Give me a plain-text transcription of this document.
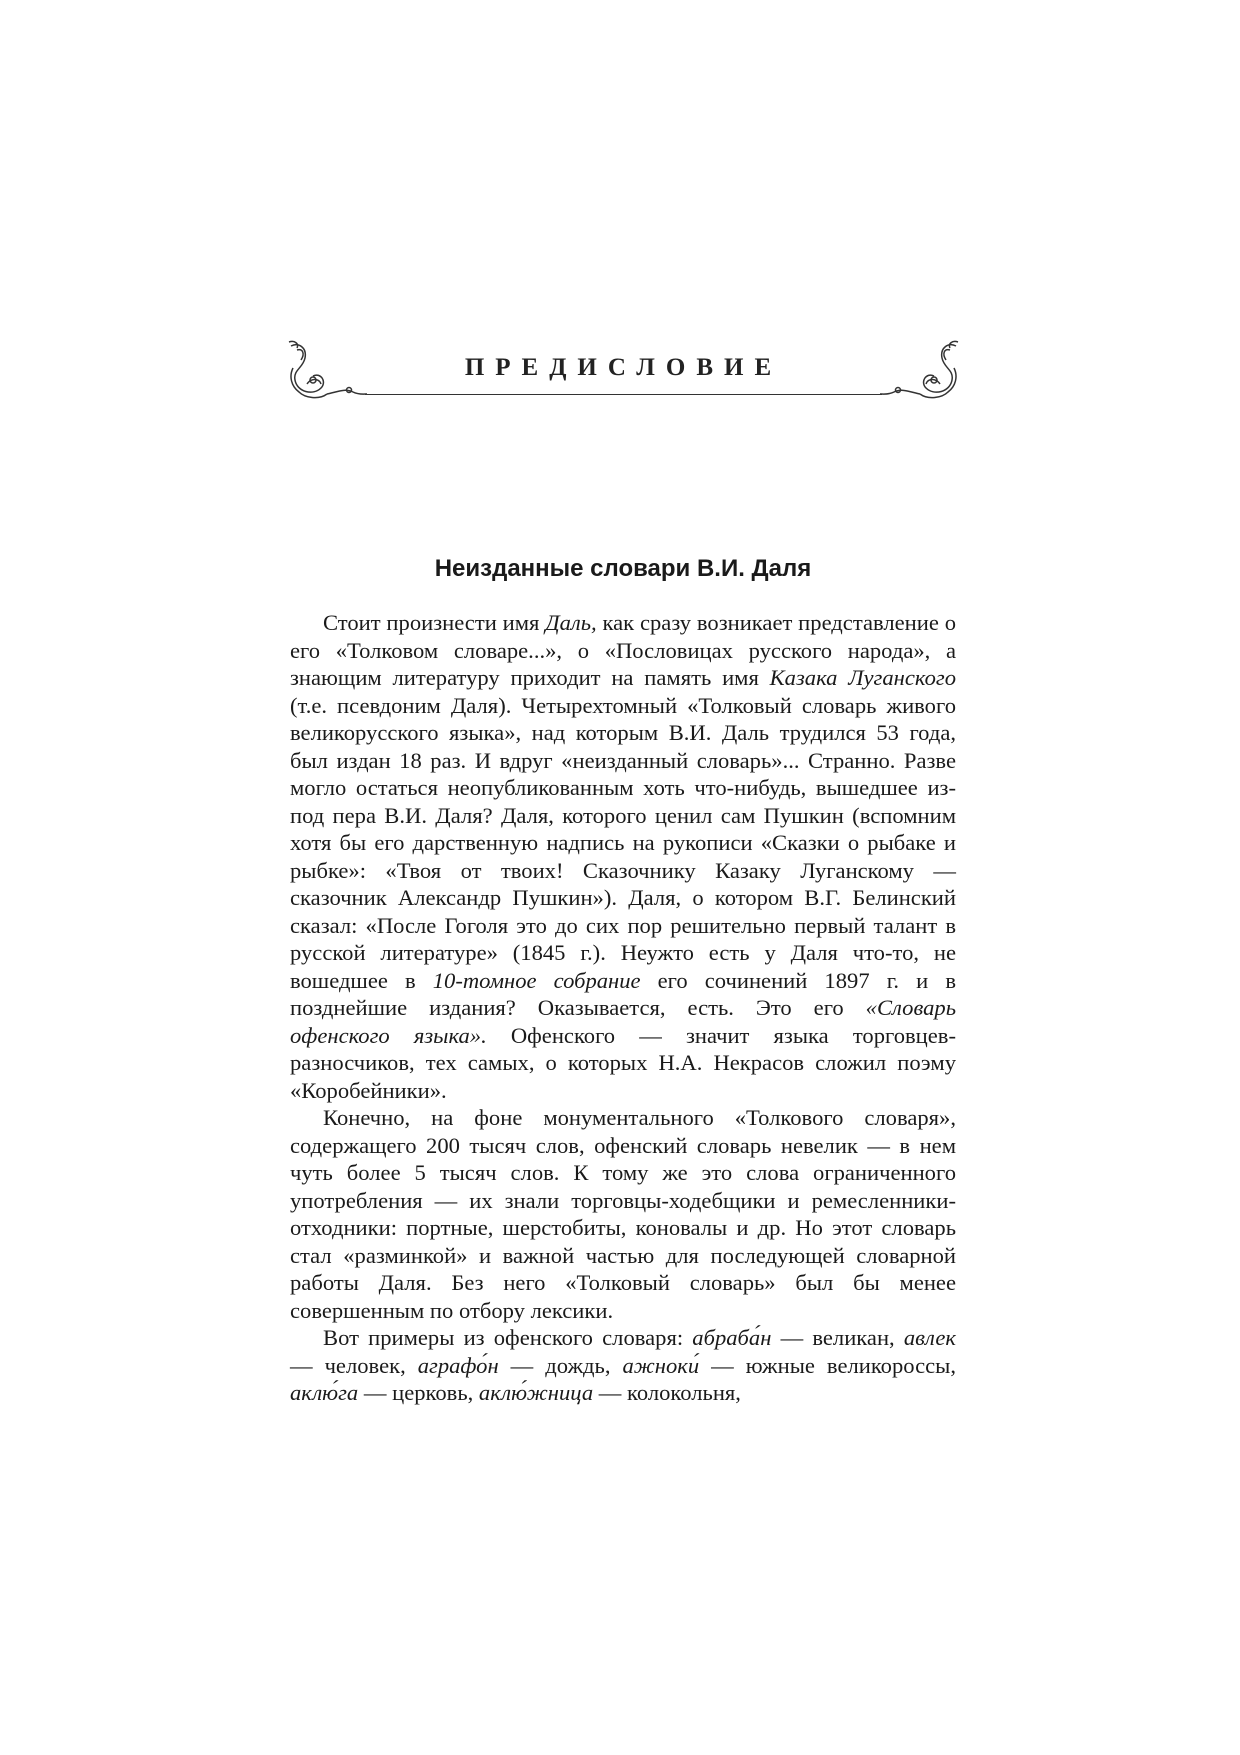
ПРЕДИСЛОВИЕ
Неизданные словари В.И. Даля

Стоит произнести имя Даль, как сразу возникает представление о его «Толковом словаре...», о «Пословицах русского народа», а знающим литературу приходит на память имя Казака Луганского (т.е. псевдоним Даля). Четырехтомный «Толковый словарь живого великорусского языка», над которым В.И. Даль трудился 53 года, был издан 18 раз. И вдруг «неизданный словарь»... Странно. Разве могло остаться неопубликованным хоть что-нибудь, вышедшее из-под пера В.И. Даля? Даля, которого ценил сам Пушкин (вспомним хотя бы его дарственную надпись на рукописи «Сказки о рыбаке и рыбке»: «Твоя от твоих! Сказочнику Казаку Луганскому — сказочник Александр Пушкин»). Даля, о котором В.Г. Белинский сказал: «После Гоголя это до сих пор решительно первый талант в русской литературе» (1845 г.). Неужто есть у Даля что-то, не вошедшее в 10-томное собрание его сочинений 1897 г. и в позднейшие издания? Оказывается, есть. Это его «Словарь офенского языка». Офенского — значит языка торговцев-разносчиков, тех самых, о которых Н.А. Некрасов сложил поэму «Коробейники».

Конечно, на фоне монументального «Толкового словаря», содержащего 200 тысяч слов, офенский словарь невелик — в нем чуть более 5 тысяч слов. К тому же это слова ограниченного употребления — их знали торговцы-ходебщики и ремесленники-отходники: портные, шерстобиты, коновалы и др. Но этот словарь стал «разминкой» и важной частью для последующей словарной работы Даля. Без него «Толковый словарь» был бы менее совершенным по отбору лексики.

Вот примеры из офенского словаря: абраба́н — великан, авлек — человек, аграфо́н — дождь, ажноки́ — южные великороссы, аклю́га — церковь, аклю́жница — колокольня,
